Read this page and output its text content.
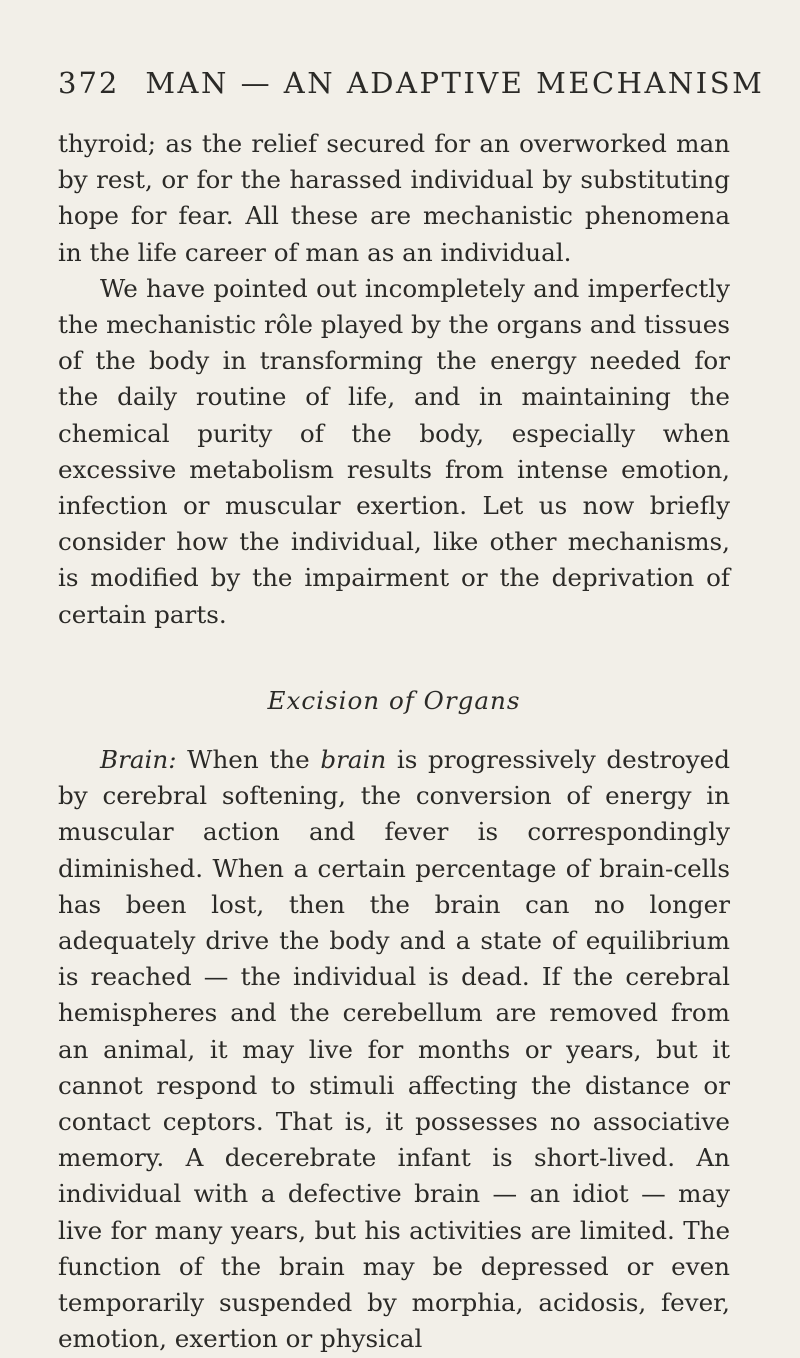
372 MAN — AN ADAPTIVE MECHANISM

thyroid; as the relief secured for an overworked man by rest, or for the harassed individual by substituting hope for fear. All these are mechanistic phenomena in the life career of man as an individual.

We have pointed out incompletely and imperfectly the mechanistic rôle played by the organs and tissues of the body in transforming the energy needed for the daily routine of life, and in maintaining the chemical purity of the body, especially when excessive metabolism results from intense emotion, infection or muscular exertion. Let us now briefly consider how the individual, like other mechanisms, is modified by the impairment or the deprivation of certain parts.

Excision of Organs

Brain: When the brain is progressively destroyed by cerebral softening, the conversion of energy in muscular action and fever is correspondingly diminished. When a certain percentage of brain-cells has been lost, then the brain can no longer adequately drive the body and a state of equilibrium is reached — the individual is dead. If the cerebral hemispheres and the cerebellum are removed from an animal, it may live for months or years, but it cannot respond to stimuli affecting the distance or contact ceptors. That is, it possesses no associative memory. A decerebrate infant is short-lived. An individual with a defective brain — an idiot — may live for many years, but his activities are limited. The function of the brain may be depressed or even temporarily suspended by morphia, acidosis, fever, emotion, exertion or physical
